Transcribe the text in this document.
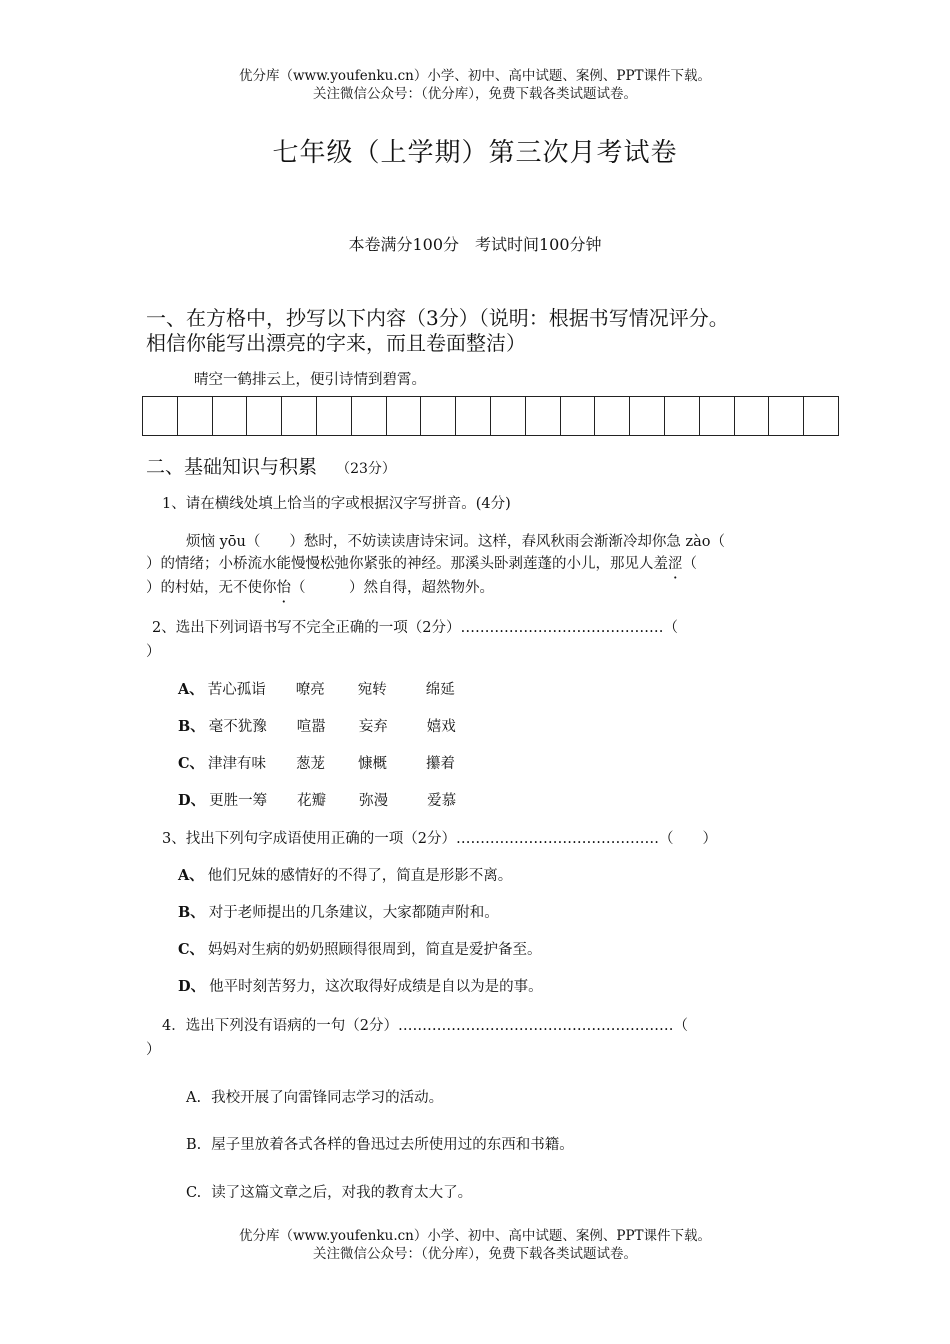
优分库（www.youfenku.cn）小学、初中、高中试题、案例、PPT课件下载。
关注微信公众号：（优分库），免费下载各类试题试卷。
七年级（上学期）第三次月考试卷
本卷满分100分　考试时间100分钟
一、在方格中，抄写以下内容（3分）（说明：根据书写情况评分。
相信你能写出漂亮的字来，而且卷面整洁）
晴空一鹤排云上，便引诗情到碧霄。
二、基础知识与积累 （23分）
1、请在横线处填上恰当的字或根据汉字写拼音。(4分)
烦恼 yōu（　　）愁时，不妨读读唐诗宋词。这样，春风秋雨会渐渐冷却你急 zào（
）的情绪；小桥流水能慢慢松弛你紧张的神经。那溪头卧剥莲蓬的小儿，那见人羞涩（
）的村姑，无不使你怡（　　　）然自得，超然物外。
2、选出下列词语书写不完全正确的一项（2分）……………………………………（
）
A、 苦心孤诣 嘹亮 宛转	绵延
B、 毫不犹豫 喧嚣 妄弃	嬉戏
C、 津津有味 葱茏 慷概	攥着
D、 更胜一筹 花瓣 弥漫	爱慕
3、找出下列句字成语使用正确的一项（2分）……………………………………（　　）
A、 他们兄妹的感情好的不得了，简直是形影不离。
B、 对于老师提出的几条建议，大家都随声附和。
C、 妈妈对生病的奶奶照顾得很周到，简直是爱护备至。
D、 他平时刻苦努力，这次取得好成绩是自以为是的事。
4．选出下列没有语病的一句（2分）…………………………………………………（
）
A. 我校开展了向雷锋同志学习的活动。
B. 屋子里放着各式各样的鲁迅过去所使用过的东西和书籍。
C. 读了这篇文章之后，对我的教育太大了。
优分库（www.youfenku.cn）小学、初中、高中试题、案例、PPT课件下载。
关注微信公众号：（优分库），免费下载各类试题试卷。
